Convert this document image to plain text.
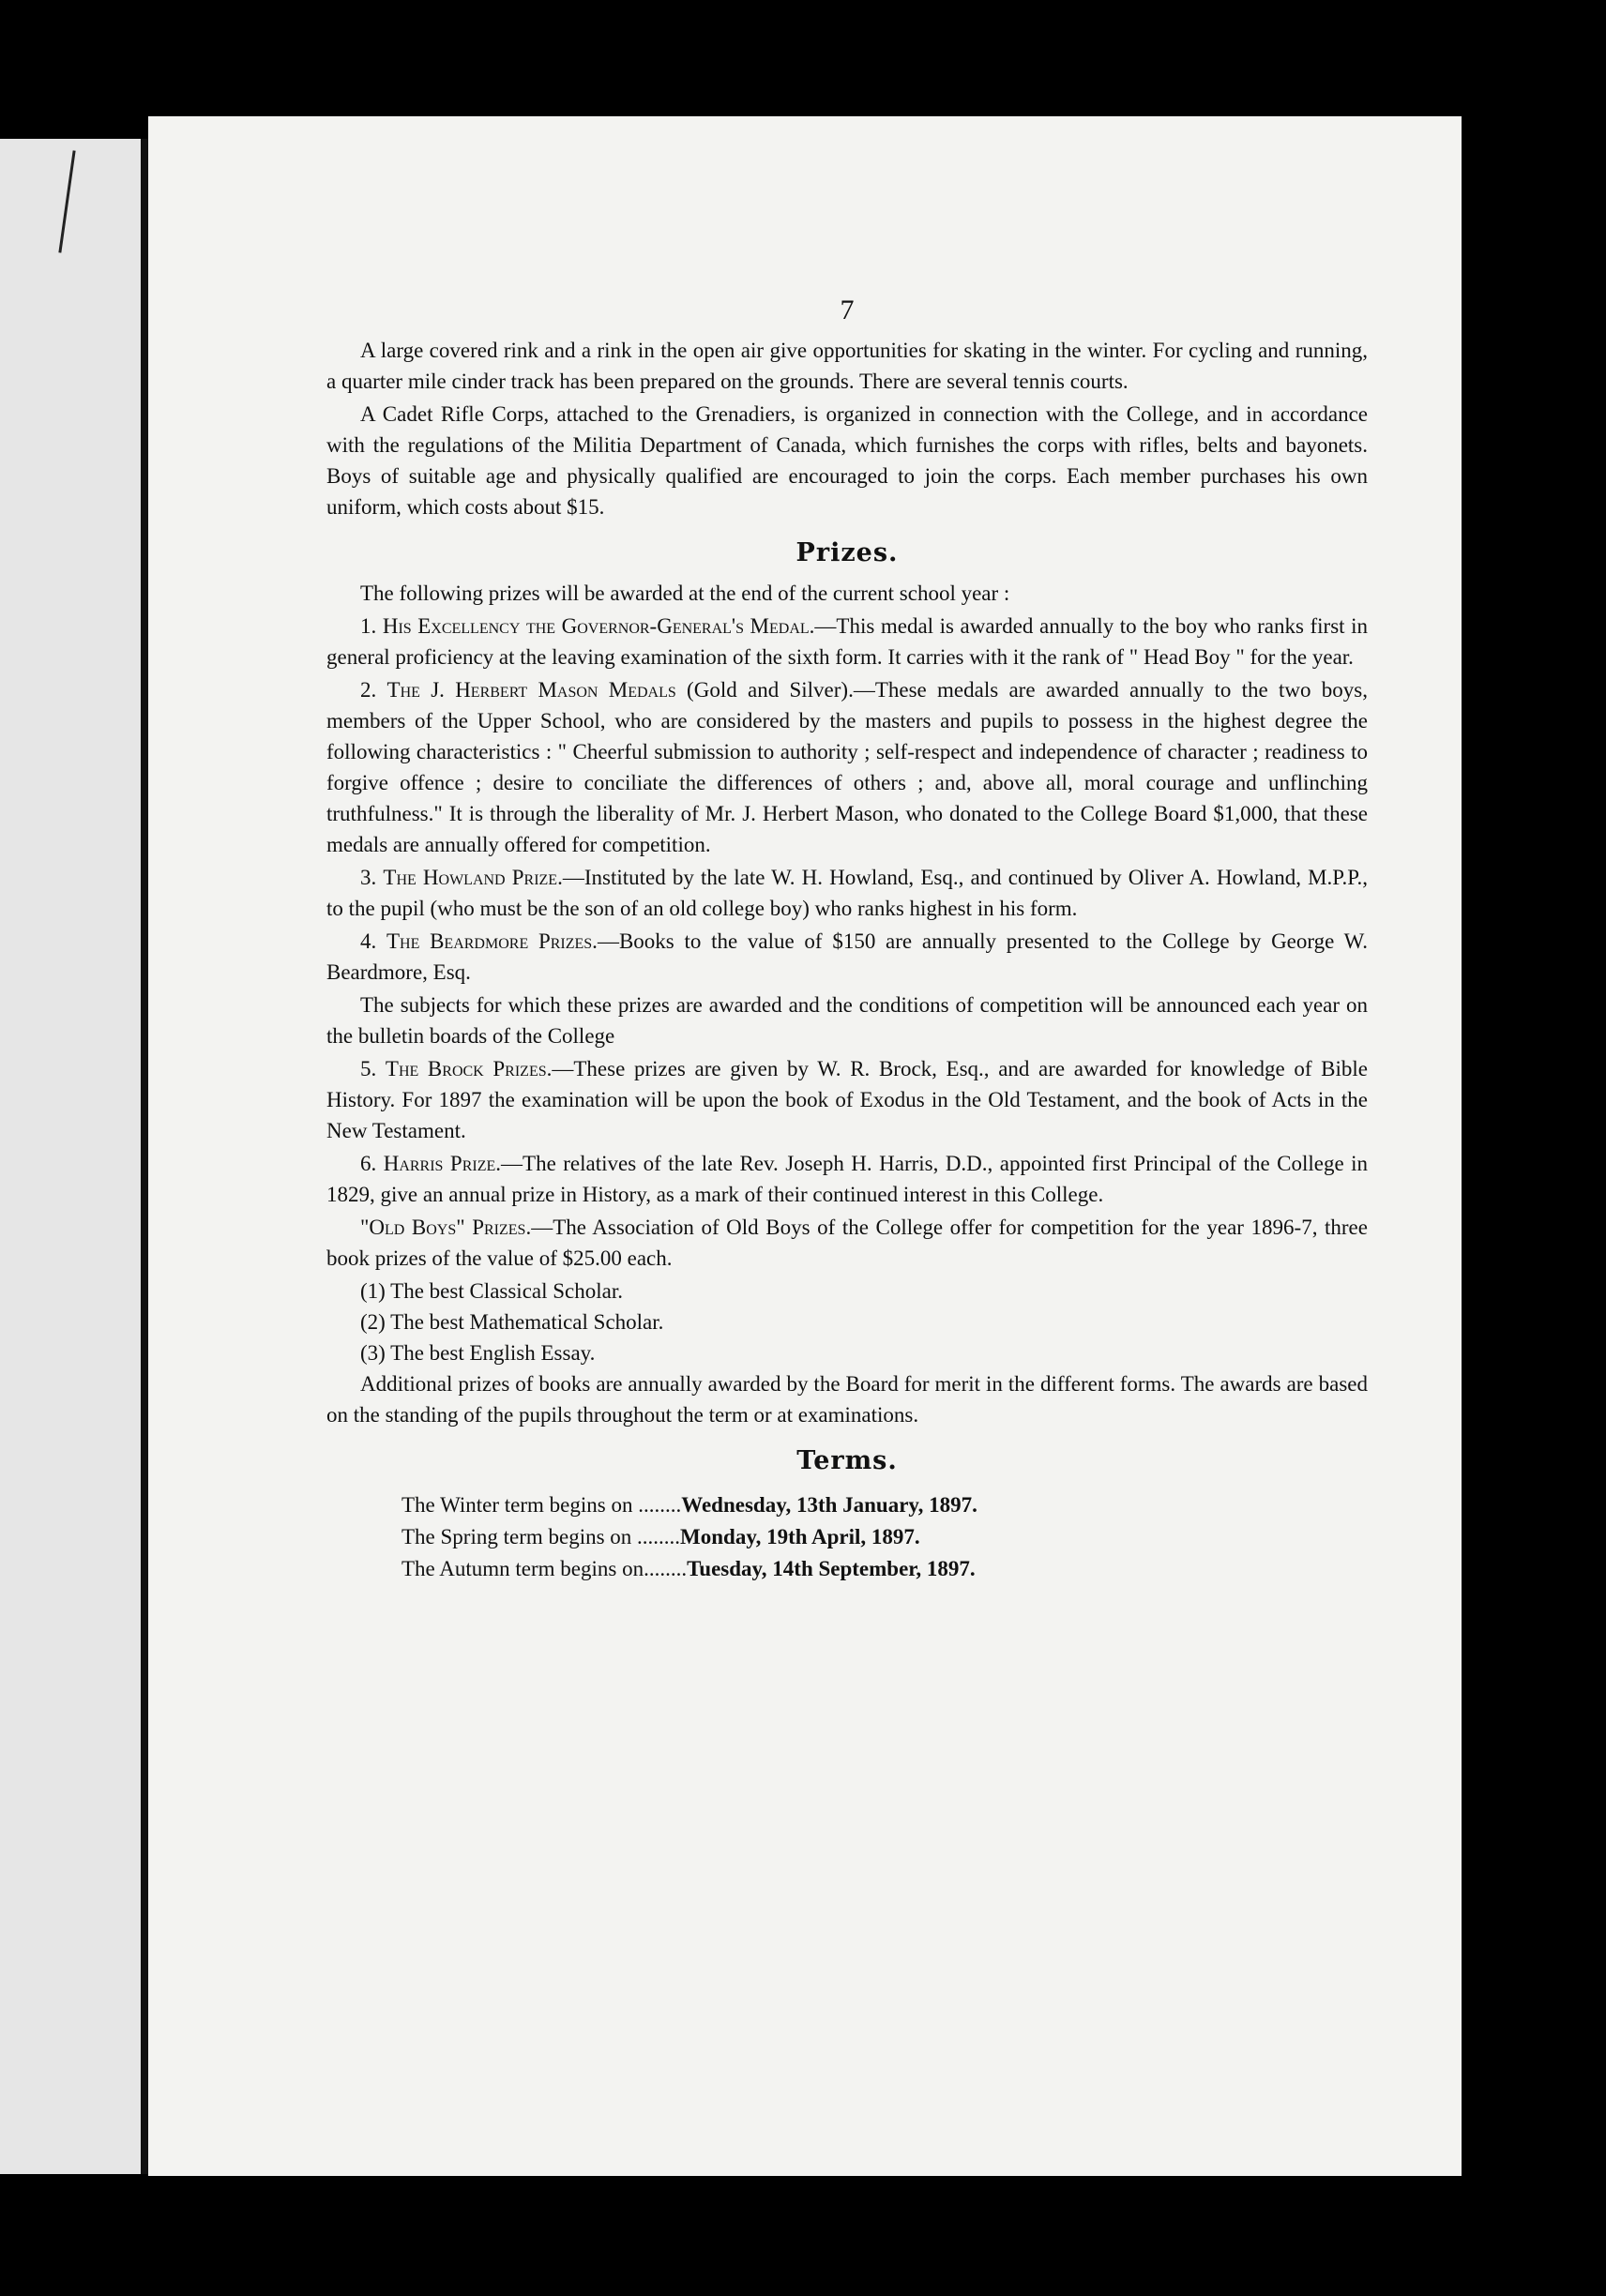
7

A large covered rink and a rink in the open air give opportunities for skating in the winter. For cycling and running, a quarter mile cinder track has been prepared on the grounds. There are several tennis courts.

A Cadet Rifle Corps, attached to the Grenadiers, is organized in connection with the College, and in accordance with the regulations of the Militia Department of Canada, which furnishes the corps with rifles, belts and bayonets. Boys of suitable age and physically qualified are encouraged to join the corps. Each member purchases his own uniform, which costs about $15.

Prizes.

The following prizes will be awarded at the end of the current school year :

1. His Excellency the Governor-General's Medal.—This medal is awarded annually to the boy who ranks first in general proficiency at the leaving examination of the sixth form. It carries with it the rank of " Head Boy " for the year.

2. The J. Herbert Mason Medals (Gold and Silver).—These medals are awarded annually to the two boys, members of the Upper School, who are considered by the masters and pupils to possess in the highest degree the following characteristics : " Cheerful submission to authority ; self-respect and independence of character ; readiness to forgive offence ; desire to conciliate the differences of others ; and, above all, moral courage and unflinching truthfulness." It is through the liberality of Mr. J. Herbert Mason, who donated to the College Board $1,000, that these medals are annually offered for competition.

3. The Howland Prize.—Instituted by the late W. H. Howland, Esq., and continued by Oliver A. Howland, M.P.P., to the pupil (who must be the son of an old college boy) who ranks highest in his form.

4. The Beardmore Prizes.—Books to the value of $150 are annually presented to the College by George W. Beardmore, Esq.

The subjects for which these prizes are awarded and the conditions of competition will be announced each year on the bulletin boards of the College

5. The Brock Prizes.—These prizes are given by W. R. Brock, Esq., and are awarded for knowledge of Bible History. For 1897 the examination will be upon the book of Exodus in the Old Testament, and the book of Acts in the New Testament.

6. Harris Prize.—The relatives of the late Rev. Joseph H. Harris, D.D., appointed first Principal of the College in 1829, give an annual prize in History, as a mark of their continued interest in this College.

"Old Boys" Prizes.—The Association of Old Boys of the College offer for competition for the year 1896-7, three book prizes of the value of $25.00 each.

(1) The best Classical Scholar.
(2) The best Mathematical Scholar.
(3) The best English Essay.

Additional prizes of books are annually awarded by the Board for merit in the different forms. The awards are based on the standing of the pupils throughout the term or at examinations.

Terms.
The Winter term begins on ........Wednesday, 13th January, 1897.
The Spring term begins on ........Monday, 19th April, 1897.
The Autumn term begins on........Tuesday, 14th September, 1897.
